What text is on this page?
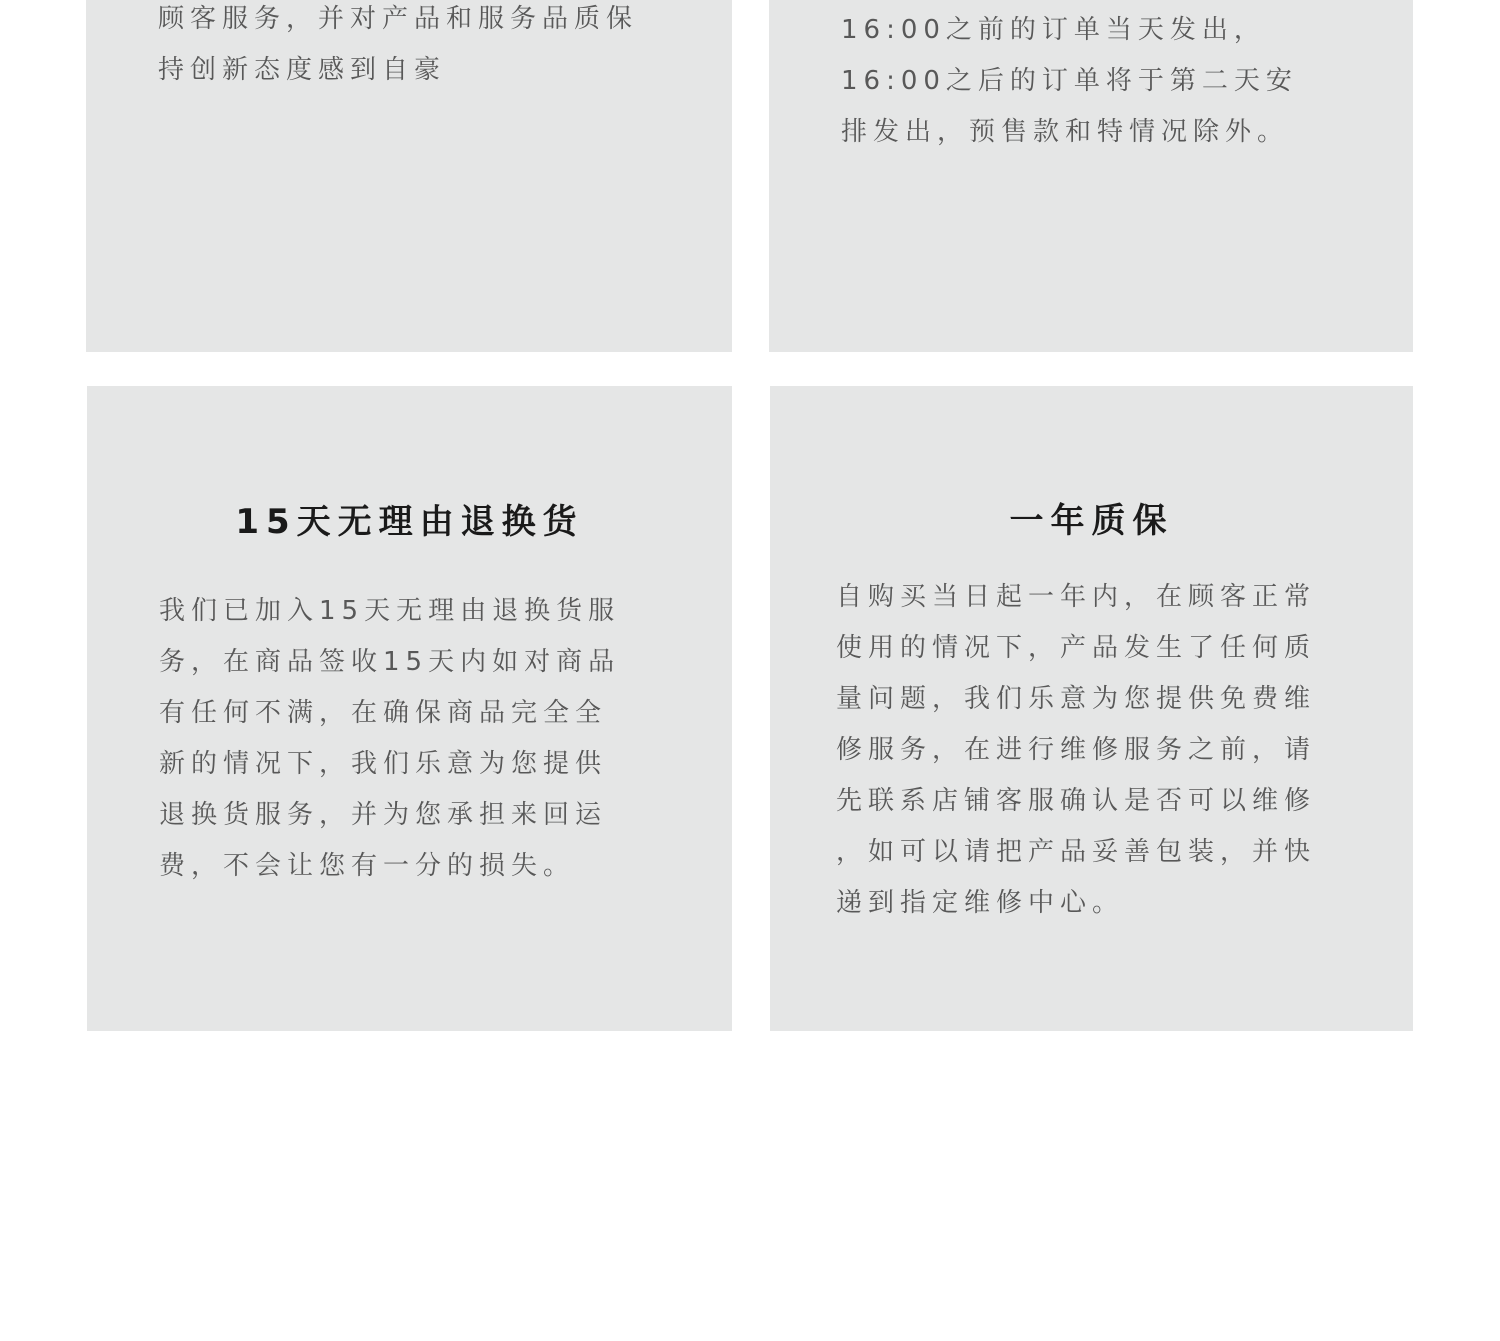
顾客服务，并对产品和服务品质保
持创新态度感到自豪

16:00之前的订单当天发出，
16:00之后的订单将于第二天安
排发出，预售款和特情况除外。

15天无理由退换货

我们已加入15天无理由退换货服
务，在商品签收15天内如对商品
有任何不满，在确保商品完全全
新的情况下，我们乐意为您提供
退换货服务，并为您承担来回运
费，不会让您有一分的损失。

一年质保

自购买当日起一年内，在顾客正常
使用的情况下，产品发生了任何质
量问题，我们乐意为您提供免费维
修服务，在进行维修服务之前，请
先联系店铺客服确认是否可以维修
，如可以请把产品妥善包装，并快
递到指定维修中心。
